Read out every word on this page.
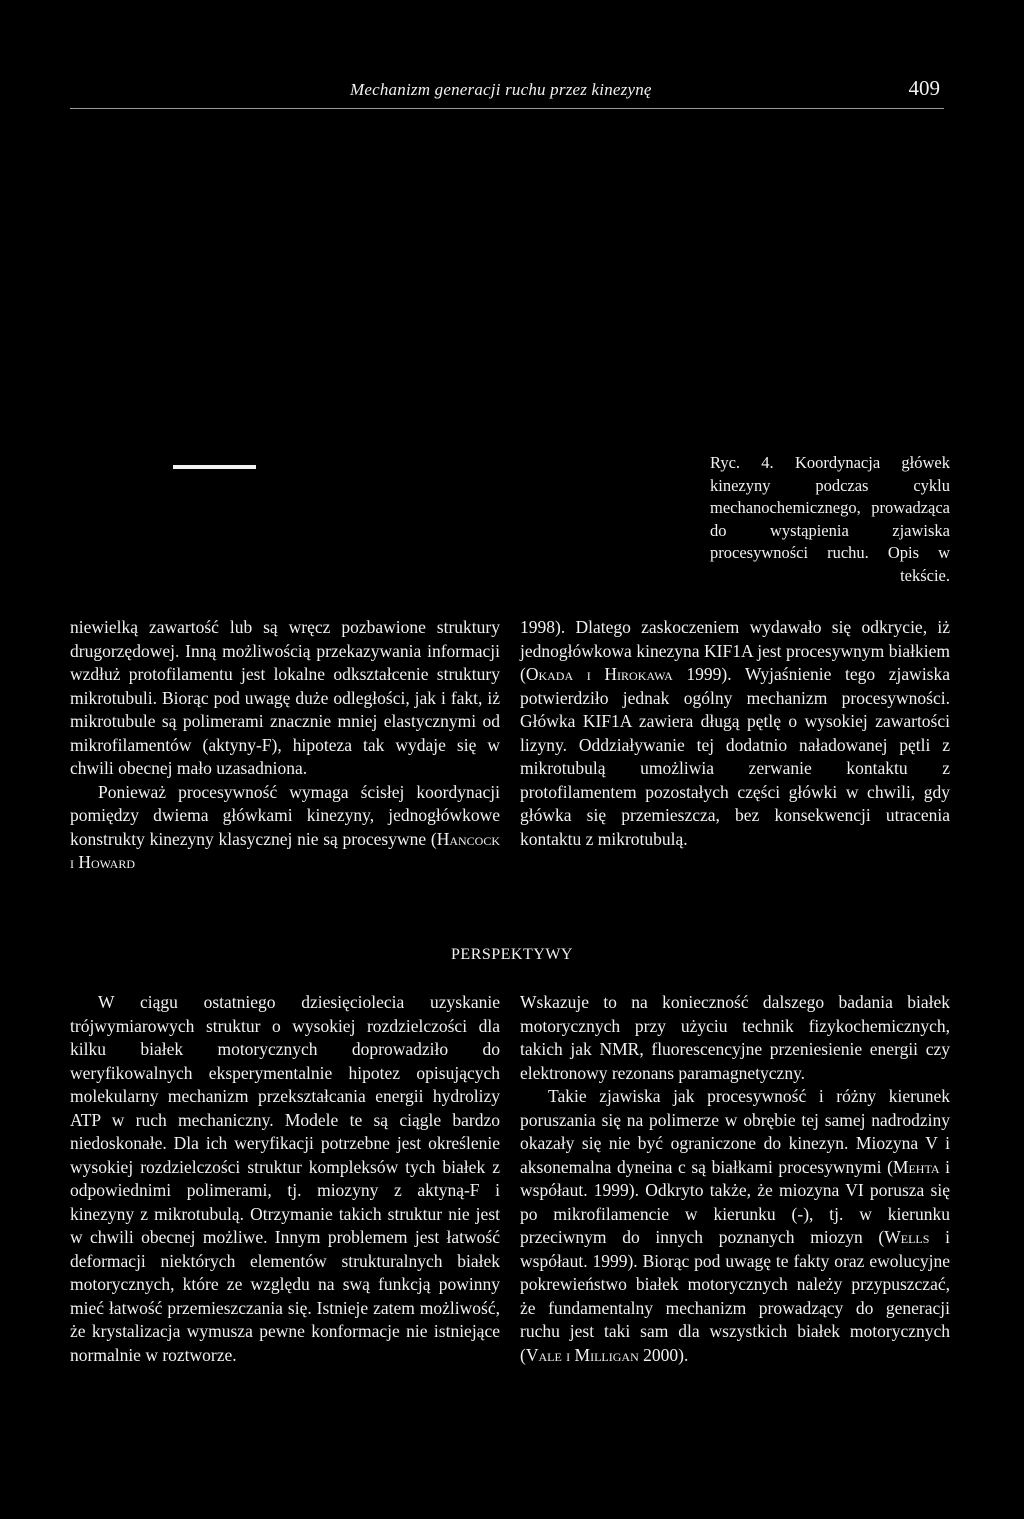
Mechanizm generacji ruchu przez kinezynę	409
Ryc. 4. Koordynacja główek kinezyny podczas cyklu mechanochemicznego, prowadząca do wystąpienia zjawiska procesywności ruchu. Opis w tekście.

niewielką zawartość lub są wręcz pozbawione struktury drugorzędowej. Inną możliwością przekazywania informacji wzdłuż protofilamentu jest lokalne odkształcenie struktury mikrotubuli. Biorąc pod uwagę duże odległości, jak i fakt, iż mikrotubule są polimerami znacznie mniej elastycznymi od mikrofilamentów (aktyny-F), hipoteza tak wydaje się w chwili obecnej mało uzasadniona.

Ponieważ procesywność wymaga ścisłej koordynacji pomiędzy dwiema główkami kinezyny, jednogłówkowe konstrukty kinezyny klasycznej nie są procesywne (Hancock i Howard

1998). Dlatego zaskoczeniem wydawało się odkrycie, iż jednogłówkowa kinezyna KIF1A jest procesywnym białkiem (Okada i Hirokawa 1999). Wyjaśnienie tego zjawiska potwierdziło jednak ogólny mechanizm procesywności. Główka KIF1A zawiera długą pętlę o wysokiej zawartości lizyny. Oddziaływanie tej dodatnio naładowanej pętli z mikrotubulą umożliwia zerwanie kontaktu z protofilamentem pozostałych części główki w chwili, gdy główka się przemieszcza, bez konsekwencji utracenia kontaktu z mikrotubulą.

PERSPEKTYWY

W ciągu ostatniego dziesięciolecia uzyskanie trójwymiarowych struktur o wysokiej rozdzielczości dla kilku białek motorycznych doprowadziło do weryfikowalnych eksperymentalnie hipotez opisujących molekularny mechanizm przekształcania energii hydrolizy ATP w ruch mechaniczny. Modele te są ciągle bardzo niedoskonałe. Dla ich weryfikacji potrzebne jest określenie wysokiej rozdzielczości struktur kompleksów tych białek z odpowiednimi polimerami, tj. miozyny z aktyną-F i kinezyny z mikrotubulą. Otrzymanie takich struktur nie jest w chwili obecnej możliwe. Innym problemem jest łatwość deformacji niektórych elementów strukturalnych białek motorycznych, które ze względu na swą funkcją powinny mieć łatwość przemieszczania się. Istnieje zatem możliwość, że krystalizacja wymusza pewne konformacje nie istniejące normalnie w roztworze.

Wskazuje to na konieczność dalszego badania białek motorycznych przy użyciu technik fizykochemicznych, takich jak NMR, fluorescencyjne przeniesienie energii czy elektronowy rezonans paramagnetyczny.

Takie zjawiska jak procesywność i różny kierunek poruszania się na polimerze w obrębie tej samej nadrodziny okazały się nie być ograniczone do kinezyn. Miozyna V i aksonemalna dyneina c są białkami procesywnymi (Mehta i współaut. 1999). Odkryto także, że miozyna VI porusza się po mikrofilamencie w kierunku (-), tj. w kierunku przeciwnym do innych poznanych miozyn (Wells i współaut. 1999). Biorąc pod uwagę te fakty oraz ewolucyjne pokrewieństwo białek motorycznych należy przypuszczać, że fundamentalny mechanizm prowadzący do generacji ruchu jest taki sam dla wszystkich białek motorycznych (Vale i Milligan 2000).
